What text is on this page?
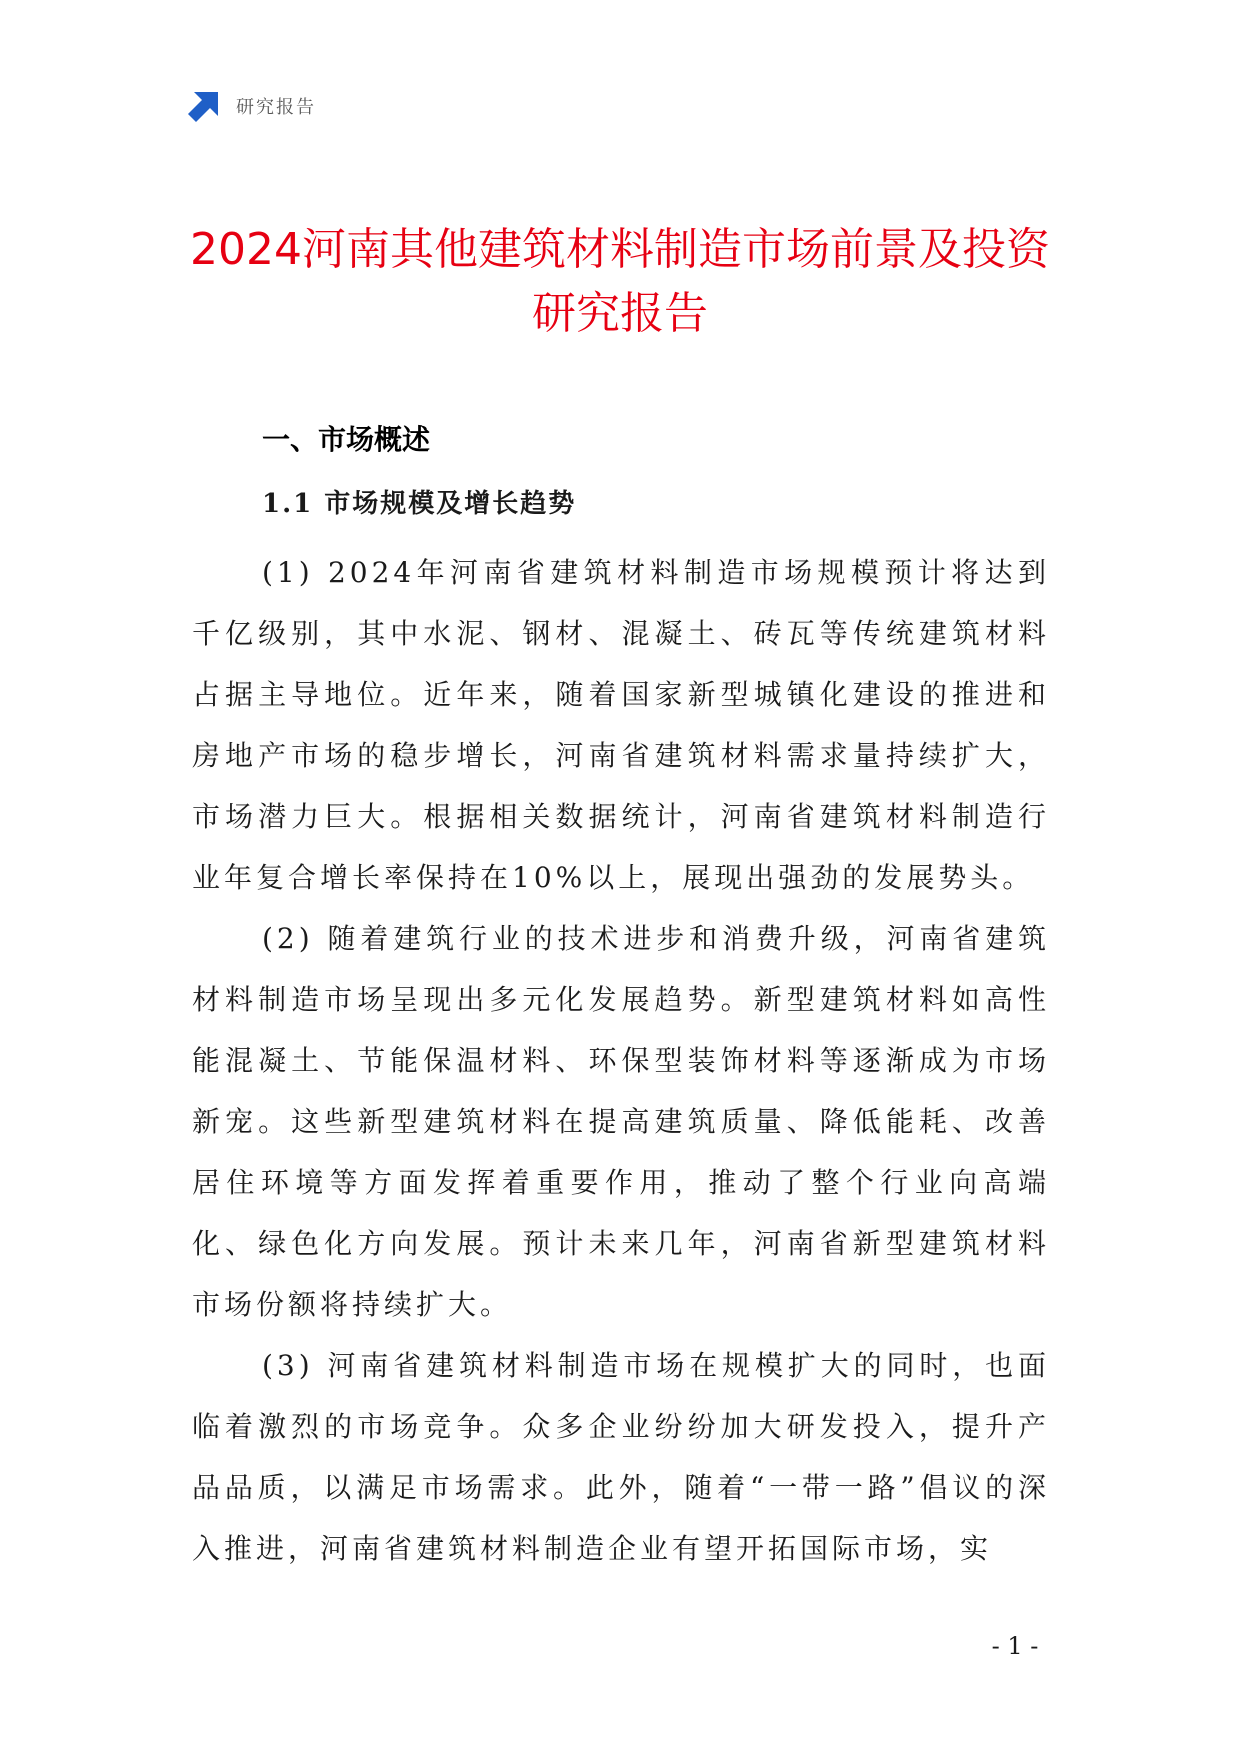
研究报告
2024河南其他建筑材料制造市场前景及投资研究报告
一、市场概述
1.1 市场规模及增长趋势

(1) 2024年河南省建筑材料制造市场规模预计将达到千亿级别，其中水泥、钢材、混凝土、砖瓦等传统建筑材料占据主导地位。近年来，随着国家新型城镇化建设的推进和房地产市场的稳步增长，河南省建筑材料需求量持续扩大，市场潜力巨大。根据相关数据统计，河南省建筑材料制造行业年复合增长率保持在10%以上，展现出强劲的发展势头。

(2) 随着建筑行业的技术进步和消费升级，河南省建筑材料制造市场呈现出多元化发展趋势。新型建筑材料如高性能混凝土、节能保温材料、环保型装饰材料等逐渐成为市场新宠。这些新型建筑材料在提高建筑质量、降低能耗、改善居住环境等方面发挥着重要作用，推动了整个行业向高端化、绿色化方向发展。预计未来几年，河南省新型建筑材料市场份额将持续扩大。

(3) 河南省建筑材料制造市场在规模扩大的同时，也面临着激烈的市场竞争。众多企业纷纷加大研发投入，提升产品品质，以满足市场需求。此外，随着“一带一路”倡议的深入推进，河南省建筑材料制造企业有望开拓国际市场，实

- 1 -
